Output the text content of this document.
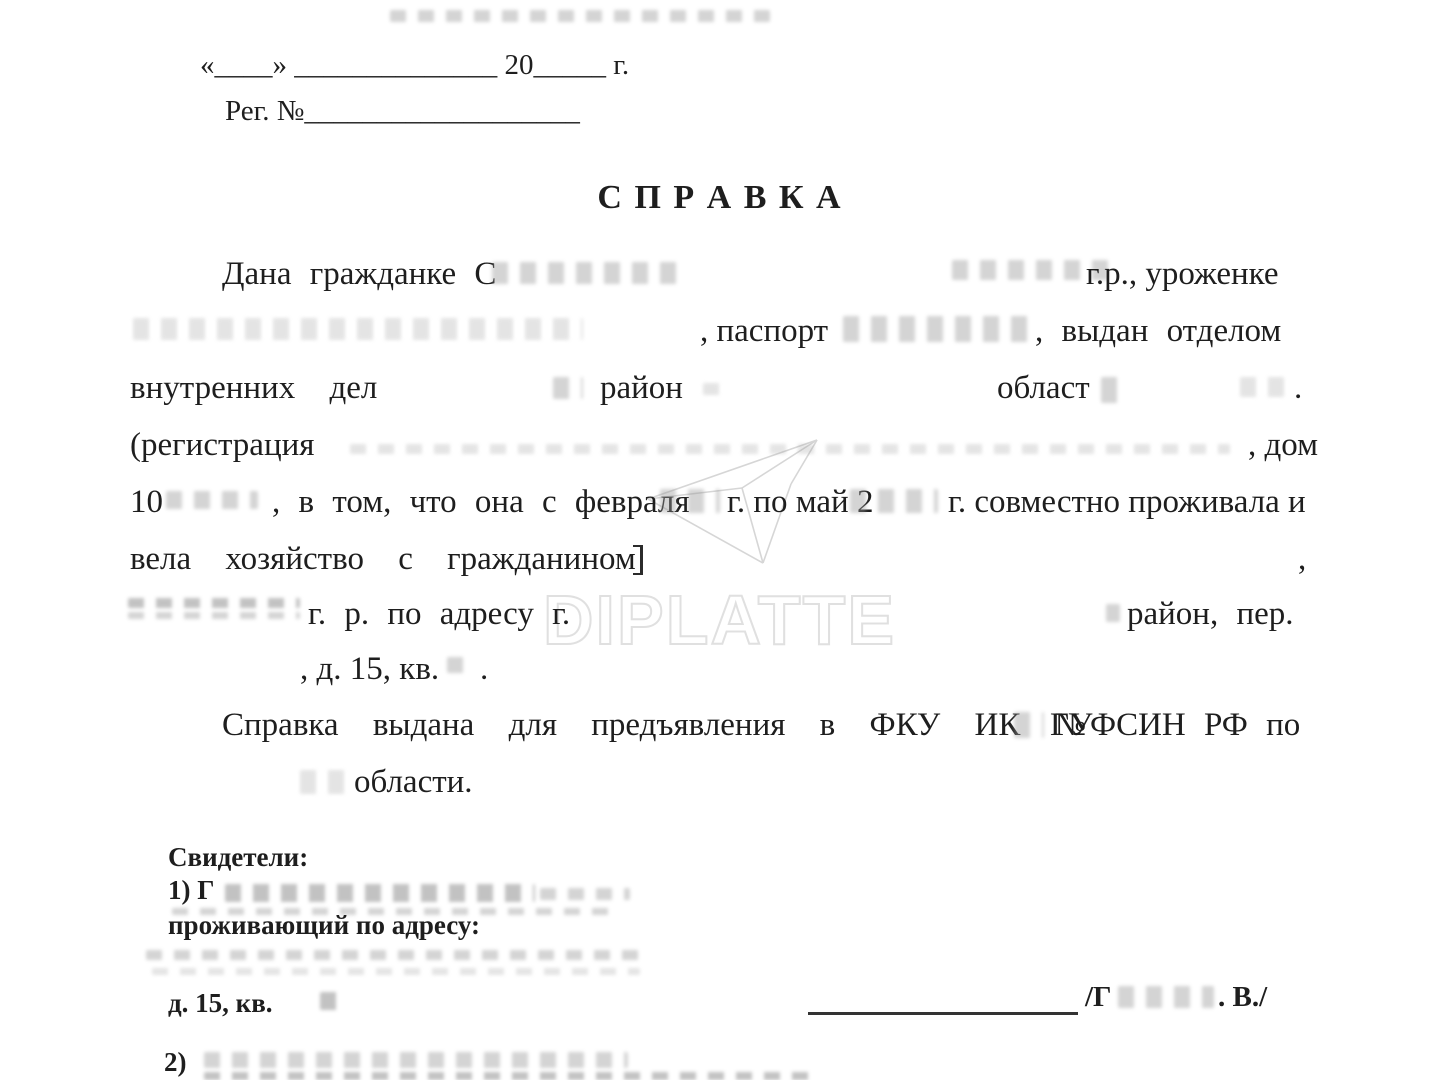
DIPLATTE
«____» ______________ 20_____ г.
Рег. №___________________
С П Р А В К А
Дана гражданке С	г.р., уроженке
, паспорт	, выдан отделом
внутренних дел	район	област	.
(регистрация	, дом
10	, в том, что она с февраля г. по май 2 г. совместно проживала и
вела хозяйство с гражданином	,
г. р. по адресу г.	район, пер.
, д. 15, кв. .
Справка выдана для предъявления в ФКУ ИК №
ГУФСИН РФ по
области.
Свидетели:
1) Г
проживающий по адресу:
д. 15, кв.	/Г	. В./
2)
